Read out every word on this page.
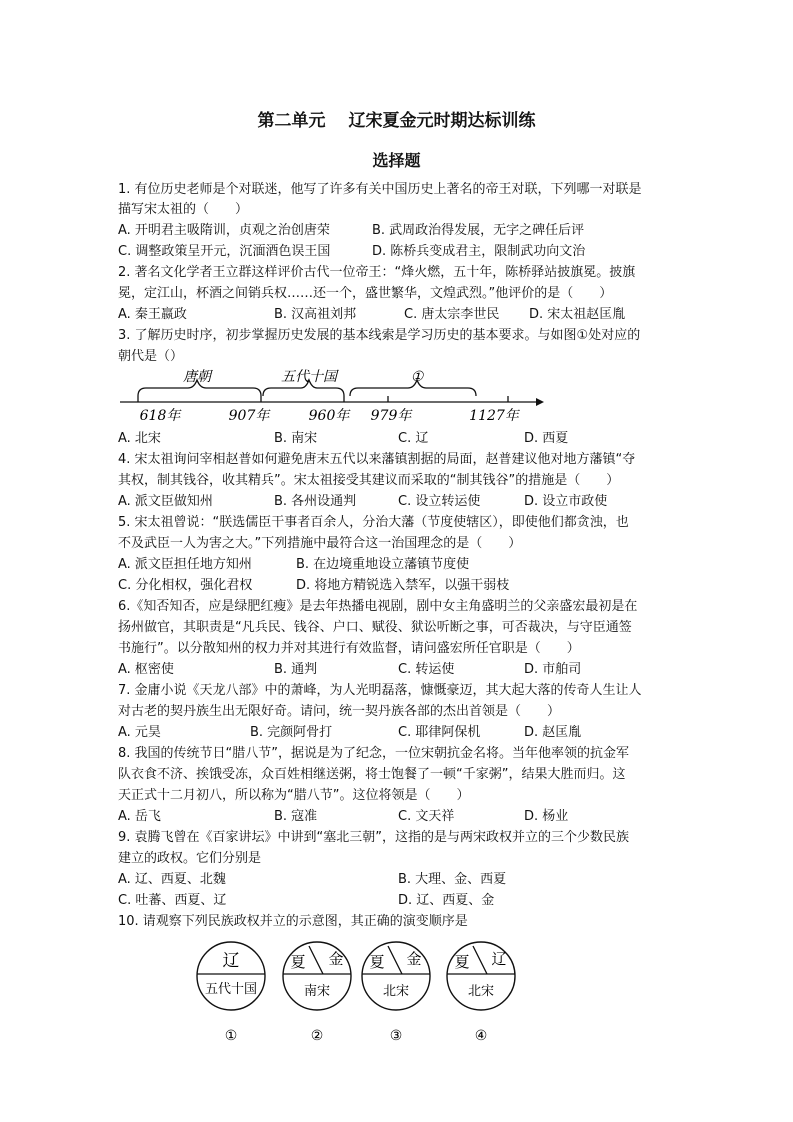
第二单元　 辽宋夏金元时期达标训练
选择题
1. 有位历史老师是个对联迷，他写了许多有关中国历史上著名的帝王对联，下列哪一对联是
描写宋太祖的（　　）
A. 开明君主吸隋训，贞观之治创唐荣	B. 武周政治得发展，无字之碑任后评
C. 调整政策呈开元，沉湎酒色误王国	D. 陈桥兵变成君主，限制武功向文治
2. 著名文化学者王立群这样评价古代一位帝王：“烽火燃，五十年，陈桥驿站披旗冕。披旗
冕，定江山，杯酒之间销兵权……还一个，盛世繁华，文煌武烈。”他评价的是（　　）
A. 秦王嬴政	B. 汉高祖刘邦	C. 唐太宗李世民 D. 宋太祖赵匡胤
3. 了解历史时序，初步掌握历史发展的基本线索是学习历史的基本要求。与如图①处对应的
朝代是（）
唐朝	五代十国	①
618年	907年	960年 979年	1127年
A. 北宋	B. 南宋	C. 辽	D. 西夏
4. 宋太祖询问宰相赵普如何避免唐末五代以来藩镇割据的局面，赵普建议他对地方藩镇“夺
其权，制其钱谷，收其精兵”。宋太祖接受其建议而采取的“制其钱谷”的措施是（　　）
A. 派文臣做知州	B. 各州设通判	C. 设立转运使	D. 设立市政使
5. 宋太祖曾说：“朕选儒臣干事者百余人，分治大藩（节度使辖区），即使他们都贪浊，也
不及武臣一人为害之大。”下列措施中最符合这一治国理念的是（　　）
A. 派文臣担任地方知州	B. 在边境重地设立藩镇节度使
C. 分化相权，强化君权	D. 将地方精锐选入禁军，以强干弱枝
6.《知否知否，应是绿肥红瘦》是去年热播电视剧，剧中女主角盛明兰的父亲盛宏最初是在
扬州做官，其职责是“凡兵民、钱谷、户口、赋役、狱讼听断之事，可否裁决，与守臣通签
书施行”。以分散知州的权力并对其进行有效监督，请问盛宏所任官职是（　　）
A. 枢密使	B. 通判	C. 转运使	D. 市舶司
7. 金庸小说《天龙八部》中的萧峰，为人光明磊落，慷慨豪迈，其大起大落的传奇人生让人
对古老的契丹族生出无限好奇。请问，统一契丹族各部的杰出首领是（　　）
A. 元昊	B. 完颜阿骨打	C. 耶律阿保机	D. 赵匡胤
8. 我国的传统节日“腊八节”，据说是为了纪念，一位宋朝抗金名将。当年他率领的抗金军
队衣食不济、挨饿受冻，众百姓相继送粥，将士饱餐了一顿“千家粥”，结果大胜而归。这
天正式十二月初八，所以称为“腊八节”。这位将领是（　　）
A. 岳飞	B. 寇准	C. 文天祥	D. 杨业
9. 袁腾飞曾在《百家讲坛》中讲到“塞北三朝”，这指的是与两宋政权并立的三个少数民族
建立的政权。它们分别是
A. 辽、西夏、北魏	B. 大理、金、西夏
C. 吐蕃、西夏、辽	D. 辽、西夏、金
10. 请观察下列民族政权并立的示意图，其正确的演变顺序是
辽
五代十国
①
夏 金
南宋
②
夏 金
北宋
③
夏 辽
北宋
④
